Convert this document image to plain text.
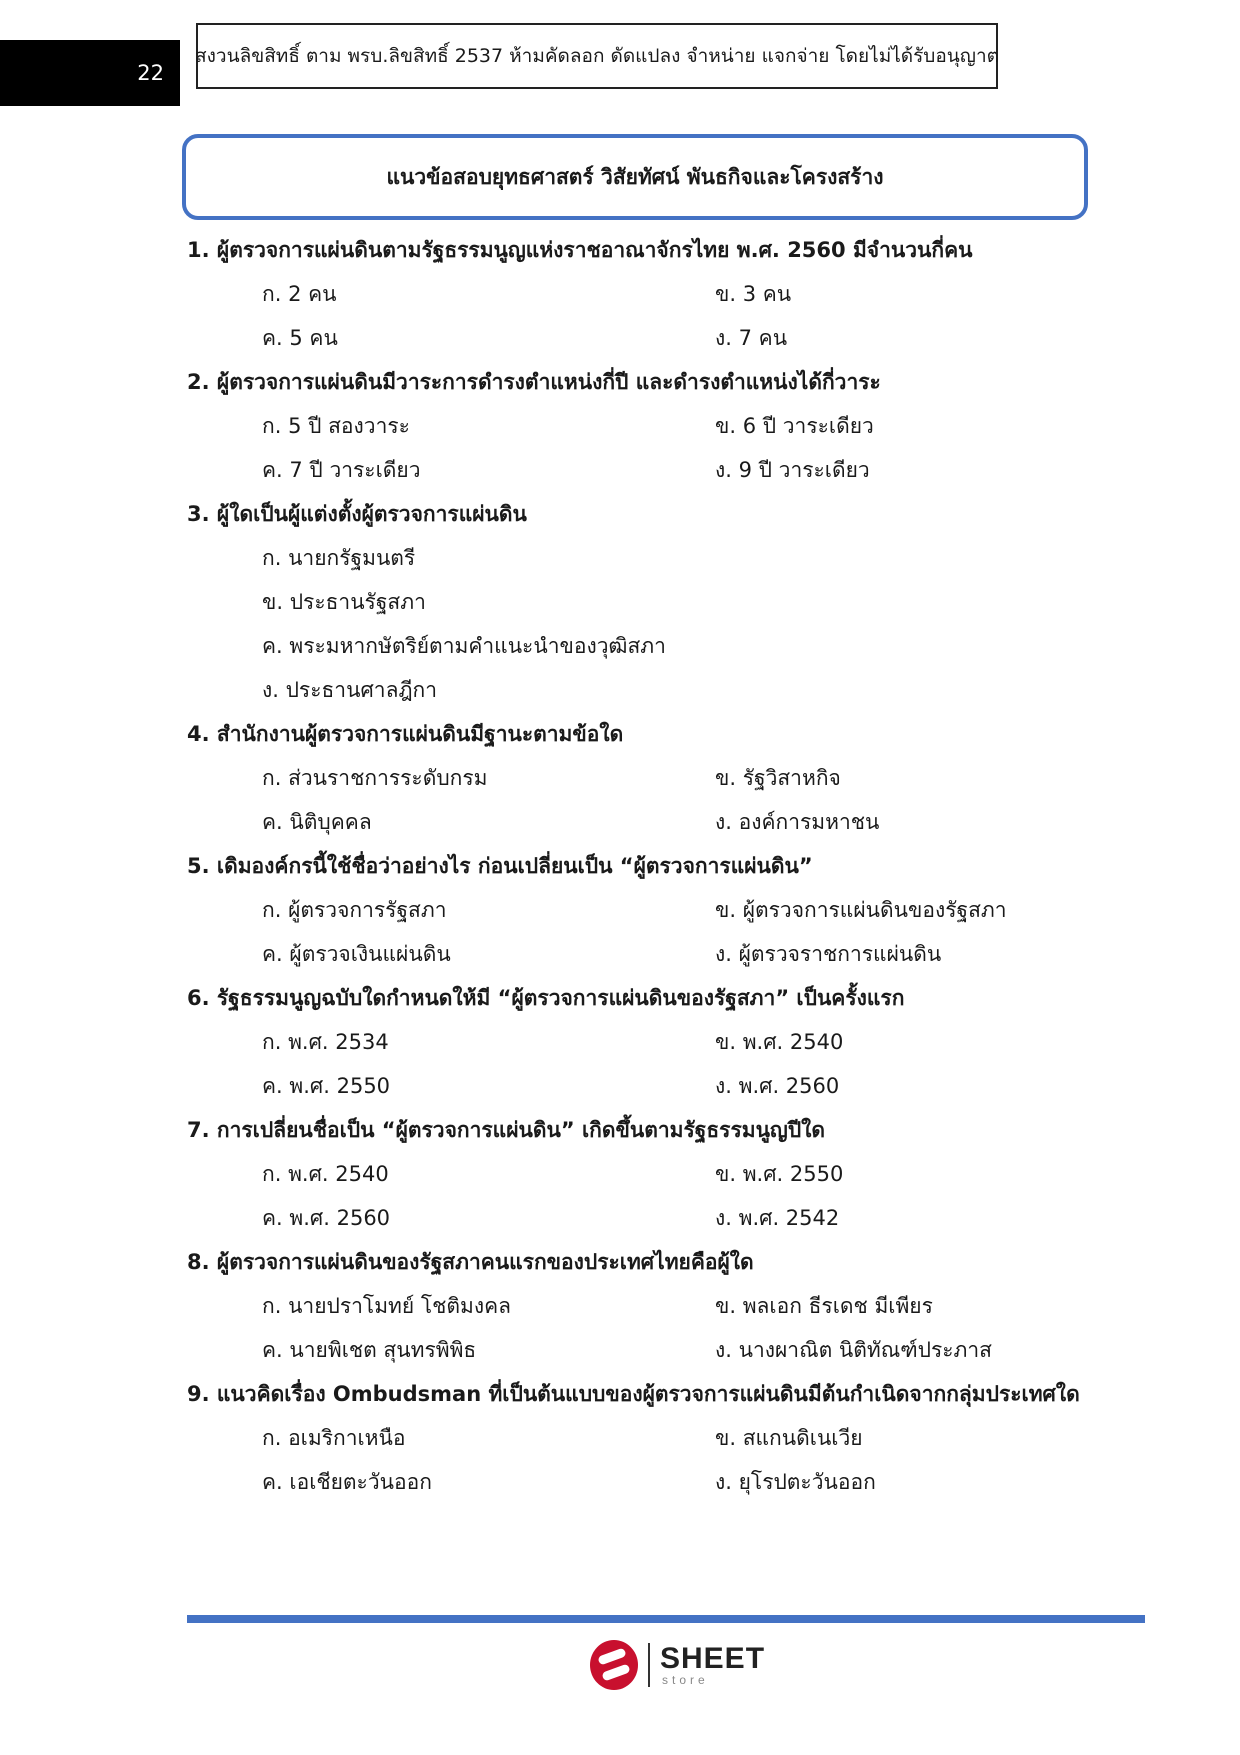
22
สงวนลิขสิทธิ์ ตาม พรบ.ลิขสิทธิ์ 2537 ห้ามคัดลอก ดัดแปลง จำหน่าย แจกจ่าย โดยไม่ได้รับอนุญาต
แนวข้อสอบยุทธศาสตร์ วิสัยทัศน์ พันธกิจและโครงสร้าง
1. ผู้ตรวจการแผ่นดินตามรัฐธรรมนูญแห่งราชอาณาจักรไทย พ.ศ. 2560 มีจำนวนกี่คน
ก. 2 คน	ข. 3 คน
ค. 5 คน	ง. 7 คน
2. ผู้ตรวจการแผ่นดินมีวาระการดำรงตำแหน่งกี่ปี และดำรงตำแหน่งได้กี่วาระ
ก. 5 ปี สองวาระ	ข. 6 ปี วาระเดียว
ค. 7 ปี วาระเดียว	ง. 9 ปี วาระเดียว
3. ผู้ใดเป็นผู้แต่งตั้งผู้ตรวจการแผ่นดิน
ก. นายกรัฐมนตรี
ข. ประธานรัฐสภา
ค. พระมหากษัตริย์ตามคำแนะนำของวุฒิสภา
ง. ประธานศาลฎีกา
4. สำนักงานผู้ตรวจการแผ่นดินมีฐานะตามข้อใด
ก. ส่วนราชการระดับกรม	ข. รัฐวิสาหกิจ
ค. นิติบุคคล	ง. องค์การมหาชน
5. เดิมองค์กรนี้ใช้ชื่อว่าอย่างไร ก่อนเปลี่ยนเป็น “ผู้ตรวจการแผ่นดิน”
ก. ผู้ตรวจการรัฐสภา	ข. ผู้ตรวจการแผ่นดินของรัฐสภา
ค. ผู้ตรวจเงินแผ่นดิน	ง. ผู้ตรวจราชการแผ่นดิน
6. รัฐธรรมนูญฉบับใดกำหนดให้มี “ผู้ตรวจการแผ่นดินของรัฐสภา” เป็นครั้งแรก
ก. พ.ศ. 2534	ข. พ.ศ. 2540
ค. พ.ศ. 2550	ง. พ.ศ. 2560
7. การเปลี่ยนชื่อเป็น “ผู้ตรวจการแผ่นดิน” เกิดขึ้นตามรัฐธรรมนูญปีใด
ก. พ.ศ. 2540	ข. พ.ศ. 2550
ค. พ.ศ. 2560	ง. พ.ศ. 2542
8. ผู้ตรวจการแผ่นดินของรัฐสภาคนแรกของประเทศไทยคือผู้ใด
ก. นายปราโมทย์ โชติมงคล	ข. พลเอก ธีรเดช มีเพียร
ค. นายพิเชต สุนทรพิพิธ	ง. นางผาณิต นิติทัณฑ์ประภาส
9. แนวคิดเรื่อง Ombudsman ที่เป็นต้นแบบของผู้ตรวจการแผ่นดินมีต้นกำเนิดจากกลุ่มประเทศใด
ก. อเมริกาเหนือ	ข. สแกนดิเนเวีย
ค. เอเชียตะวันออก	ง. ยุโรปตะวันออก
SHEET
store
